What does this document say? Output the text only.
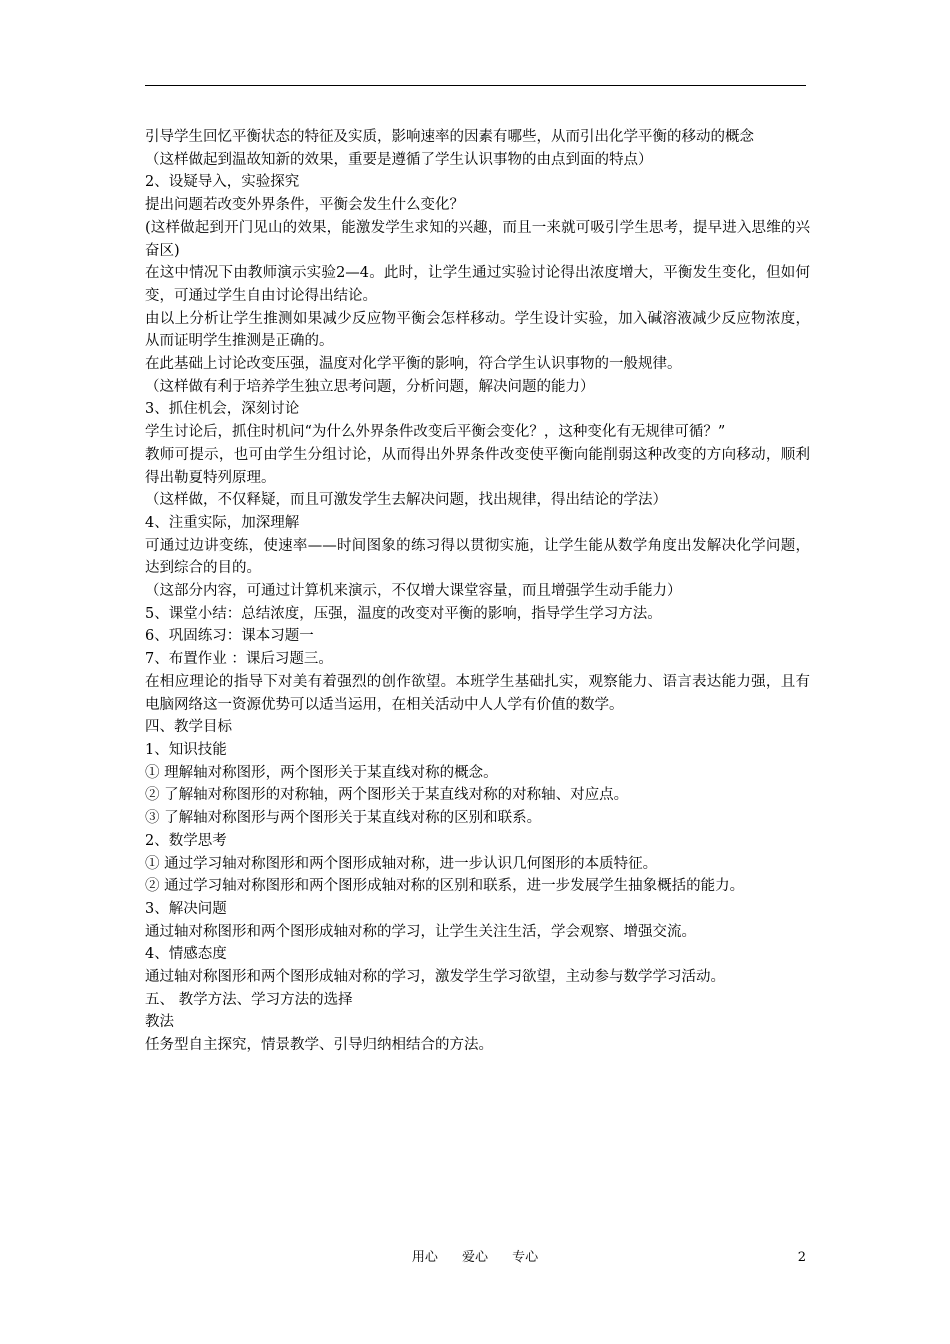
引导学生回忆平衡状态的特征及实质，影响速率的因素有哪些，从而引出化学平衡的移动的概念

（这样做起到温故知新的效果，重要是遵循了学生认识事物的由点到面的特点）

2、设疑导入，实验探究

提出问题若改变外界条件，平衡会发生什么变化？

(这样做起到开门见山的效果，能激发学生求知的兴趣，而且一来就可吸引学生思考，提早进入思维的兴奋区)

在这中情况下由教师演示实验2—4。此时，让学生通过实验讨论得出浓度增大，平衡发生变化，但如何变，可通过学生自由讨论得出结论。

由以上分析让学生推测如果减少反应物平衡会怎样移动。学生设计实验，加入碱溶液减少反应物浓度，从而证明学生推测是正确的。

在此基础上讨论改变压强，温度对化学平衡的影响，符合学生认识事物的一般规律。

（这样做有利于培养学生独立思考问题，分析问题，解决问题的能力）

3、抓住机会，深刻讨论

学生讨论后，抓住时机问“为什么外界条件改变后平衡会变化？，这种变化有无规律可循？”

教师可提示，也可由学生分组讨论，从而得出外界条件改变使平衡向能削弱这种改变的方向移动，顺利得出勒夏特列原理。

（这样做，不仅释疑，而且可激发学生去解决问题，找出规律，得出结论的学法）

4、注重实际，加深理解

可通过边讲变练，使速率——时间图象的练习得以贯彻实施，让学生能从数学角度出发解决化学问题，达到综合的目的。

（这部分内容，可通过计算机来演示，不仅增大课堂容量，而且增强学生动手能力）

5、课堂小结：总结浓度，压强，温度的改变对平衡的影响，指导学生学习方法。

6、巩固练习：课本习题一

7、布置作业 ：课后习题三。

在相应理论的指导下对美有着强烈的创作欲望。本班学生基础扎实，观察能力、语言表达能力强，且有电脑网络这一资源优势可以适当运用，在相关活动中人人学有价值的数学。

四、教学目标

1、知识技能

① 理解轴对称图形，两个图形关于某直线对称的概念。

② 了解轴对称图形的对称轴，两个图形关于某直线对称的对称轴、对应点。

③ 了解轴对称图形与两个图形关于某直线对称的区别和联系。

2、数学思考

① 通过学习轴对称图形和两个图形成轴对称，进一步认识几何图形的本质特征。

② 通过学习轴对称图形和两个图形成轴对称的区别和联系，进一步发展学生抽象概括的能力。

3、解决问题

通过轴对称图形和两个图形成轴对称的学习，让学生关注生活，学会观察、增强交流。

4、情感态度

通过轴对称图形和两个图形成轴对称的学习，激发学生学习欲望，主动参与数学学习活动。

五、 教学方法、学习方法的选择

教法

任务型自主探究，情景教学、引导归纳相结合的方法。

用心 爱心 专心	2
